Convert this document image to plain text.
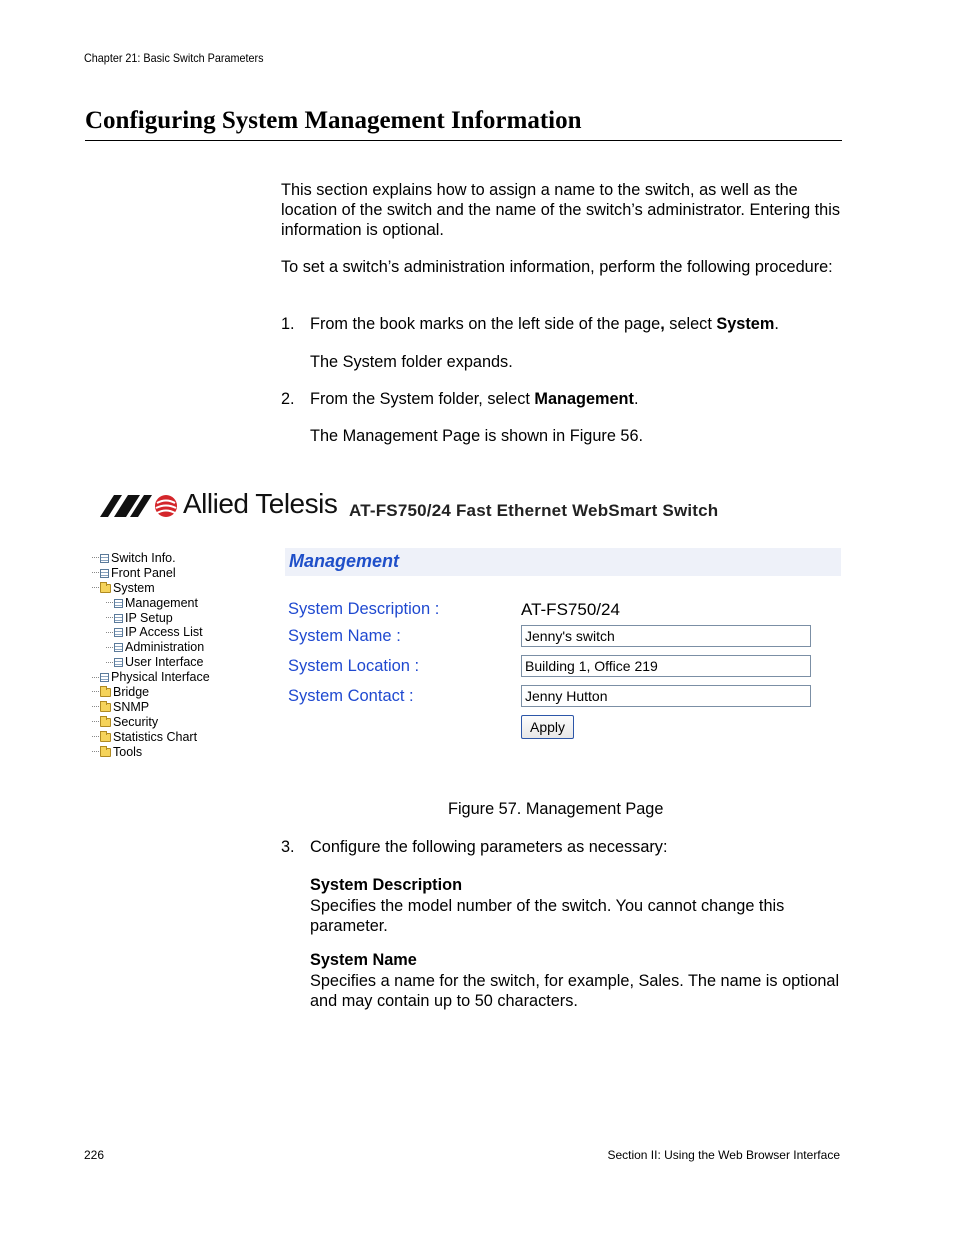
Chapter 21: Basic Switch Parameters
Configuring System Management Information
This section explains how to assign a name to the switch, as well as the location of the switch and the name of the switch’s administrator. Entering this information is optional.
To set a switch’s administration information, perform the following procedure:
1. From the book marks on the left side of the page, select System.
The System folder expands.
2. From the System folder, select Management.
The Management Page is shown in Figure 56.
Allied Telesis AT-FS750/24 Fast Ethernet WebSmart Switch
Switch Info.
Front Panel
System
Management
IP Setup
IP Access List
Administration
User Interface
Physical Interface
Bridge
SNMP
Security
Statistics Chart
Tools
Management
System Description :	AT-FS750/24
System Name :	Jenny's switch
System Location :	Building 1, Office 219
System Contact :	Jenny Hutton
Apply
Figure 57. Management Page
3. Configure the following parameters as necessary:
System Description
Specifies the model number of the switch. You cannot change this parameter.
System Name
Specifies a name for the switch, for example, Sales. The name is optional and may contain up to 50 characters.
226	Section II: Using the Web Browser Interface
